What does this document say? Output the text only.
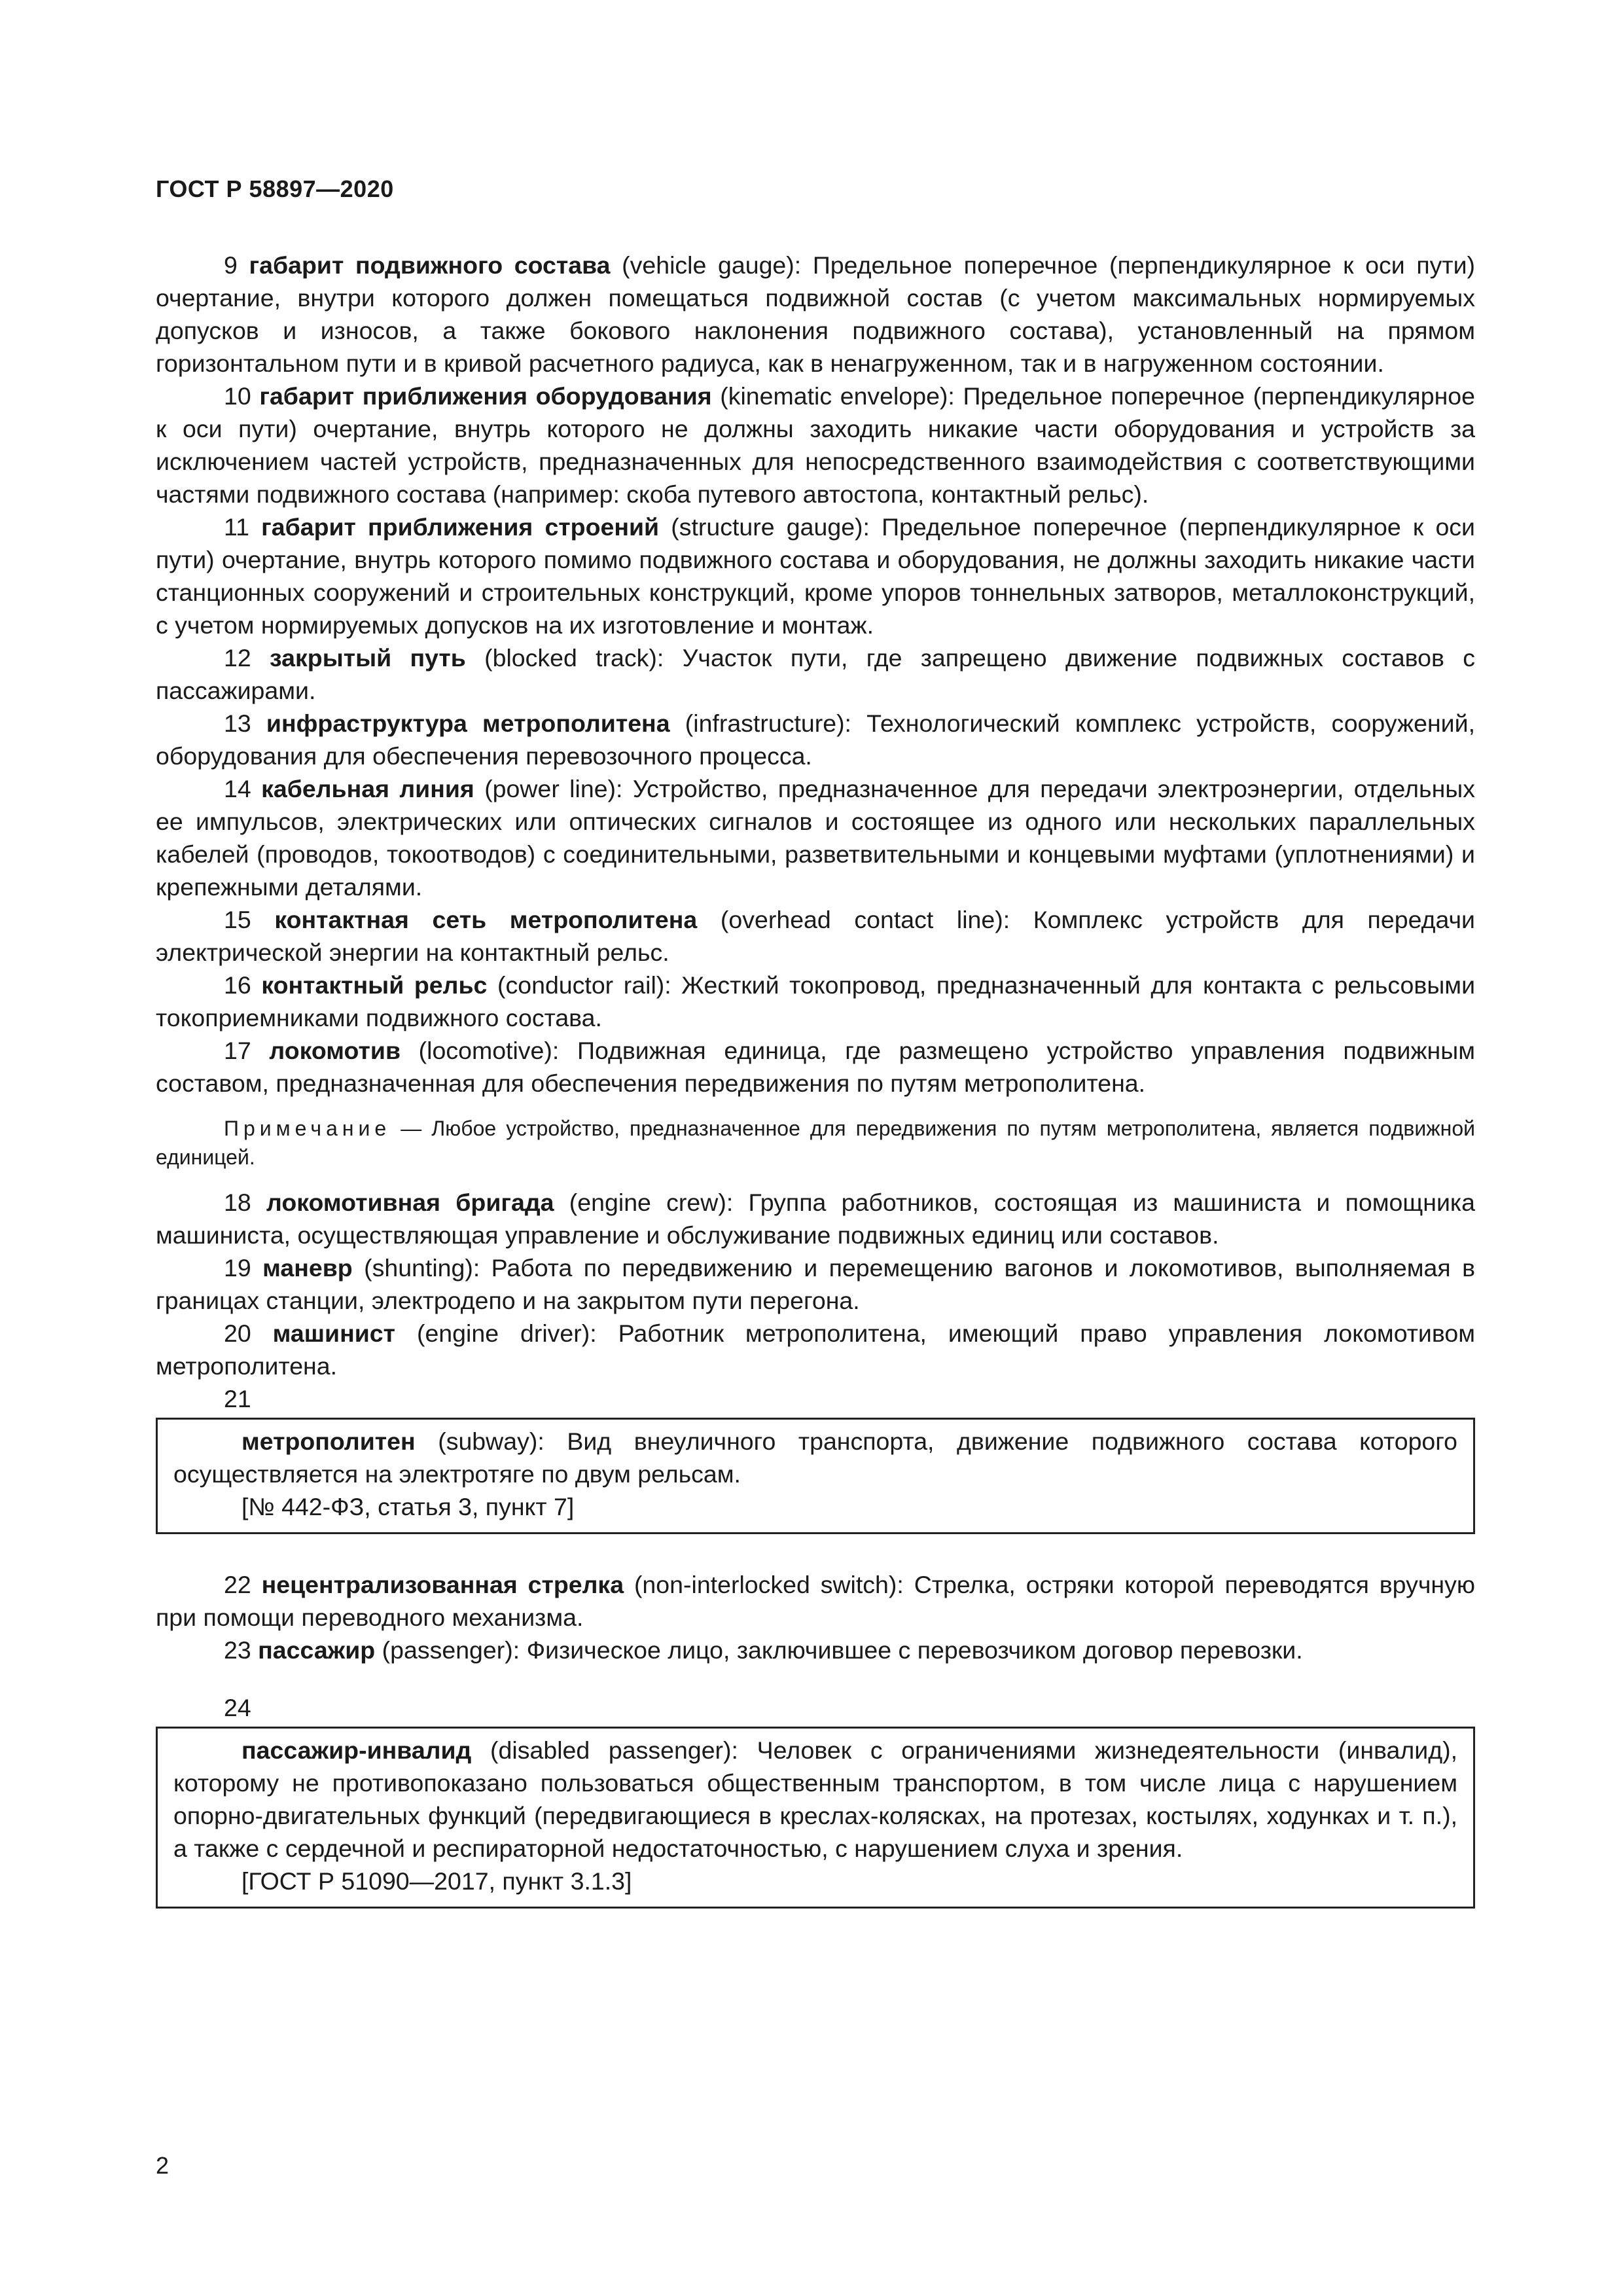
ГОСТ Р 58897—2020

9 габарит подвижного состава (vehicle gauge): Предельное поперечное (перпендикулярное к оси пути) очертание, внутри которого должен помещаться подвижной состав (с учетом максимальных нормируемых допусков и износов, а также бокового наклонения подвижного состава), установленный на прямом горизонтальном пути и в кривой расчетного радиуса, как в ненагруженном, так и в нагруженном состоянии.

10 габарит приближения оборудования (kinematic envelope): Предельное поперечное (перпендикулярное к оси пути) очертание, внутрь которого не должны заходить никакие части оборудования и устройств за исключением частей устройств, предназначенных для непосредственного взаимодействия с соответствующими частями подвижного состава (например: скоба путевого автостопа, контактный рельс).

11 габарит приближения строений (structure gauge): Предельное поперечное (перпендикулярное к оси пути) очертание, внутрь которого помимо подвижного состава и оборудования, не должны заходить никакие части станционных сооружений и строительных конструкций, кроме упоров тоннельных затворов, металлоконструкций, с учетом нормируемых допусков на их изготовление и монтаж.

12 закрытый путь (blocked track): Участок пути, где запрещено движение подвижных составов с пассажирами.

13 инфраструктура метрополитена (infrastructure): Технологический комплекс устройств, сооружений, оборудования для обеспечения перевозочного процесса.

14 кабельная линия (power line): Устройство, предназначенное для передачи электроэнергии, отдельных ее импульсов, электрических или оптических сигналов и состоящее из одного или нескольких параллельных кабелей (проводов, токоотводов) с соединительными, разветвительными и концевыми муфтами (уплотнениями) и крепежными деталями.

15 контактная сеть метрополитена (overhead contact line): Комплекс устройств для передачи электрической энергии на контактный рельс.

16 контактный рельс (conductor rail): Жесткий токопровод, предназначенный для контакта с рельсовыми токоприемниками подвижного состава.

17 локомотив (locomotive): Подвижная единица, где размещено устройство управления подвижным составом, предназначенная для обеспечения передвижения по путям метрополитена.

Примечание — Любое устройство, предназначенное для передвижения по путям метрополитена, является подвижной единицей.

18 локомотивная бригада (engine crew): Группа работников, состоящая из машиниста и помощника машиниста, осуществляющая управление и обслуживание подвижных единиц или составов.

19 маневр (shunting): Работа по передвижению и перемещению вагонов и локомотивов, выполняемая в границах станции, электродепо и на закрытом пути перегона.

20 машинист (engine driver): Работник метрополитена, имеющий право управления локомотивом метрополитена.

21

метрополитен (subway): Вид внеуличного транспорта, движение подвижного состава которого осуществляется на электротяге по двум рельсам.

[№ 442-ФЗ, статья 3, пункт 7]

22 нецентрализованная стрелка (non-interlocked switch): Стрелка, остряки которой переводятся вручную при помощи переводного механизма.

23 пассажир (passenger): Физическое лицо, заключившее с перевозчиком договор перевозки.

24

пассажир-инвалид (disabled passenger): Человек с ограничениями жизнедеятельности (инвалид), которому не противопоказано пользоваться общественным транспортом, в том числе лица с нарушением опорно-двигательных функций (передвигающиеся в креслах-колясках, на протезах, костылях, ходунках и т. п.), а также с сердечной и респираторной недостаточностью, с нарушением слуха и зрения.

[ГОСТ Р 51090—2017, пункт 3.1.3]

2
